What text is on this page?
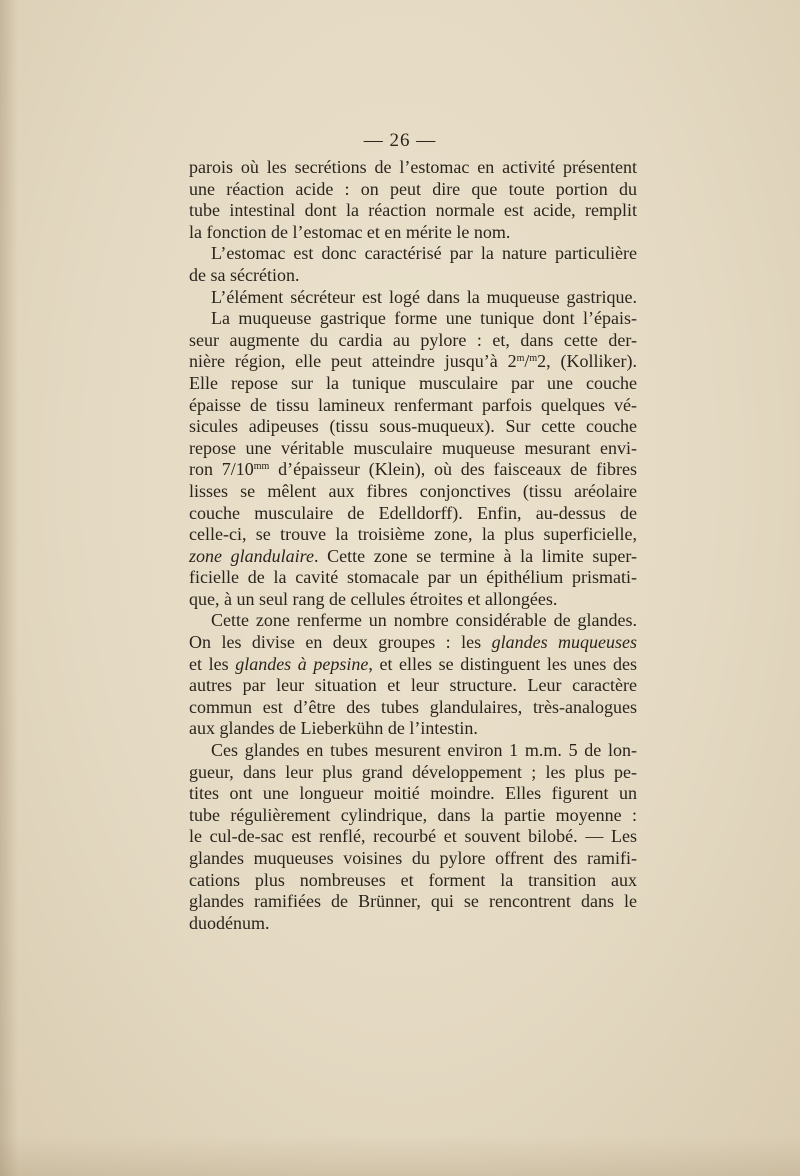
— 26 —
parois où les secrétions de l’estomac en activité présentent
une réaction acide : on peut dire que toute portion du
tube intestinal dont la réaction normale est acide, remplit
la fonction de l’estomac et en mérite le nom.
L’estomac est donc caractérisé par la nature particulière
de sa sécrétion.
L’élément sécréteur est logé dans la muqueuse gastrique.
La muqueuse gastrique forme une tunique dont l’épais-
seur augmente du cardia au pylore : et, dans cette der-
nière région, elle peut atteindre jusqu’à 2$^m$/$^m$2, (Kolliker).
Elle repose sur la tunique musculaire par une couche
épaisse de tissu lamineux renfermant parfois quelques vé-
sicules adipeuses (tissu sous-muqueux). Sur cette couche
repose une véritable musculaire muqueuse mesurant envi-
ron $7/10^{mm}$ d’épaisseur (Klein), où des faisceaux de fibres
lisses se mêlent aux fibres conjonctives (tissu aréolaire
couche musculaire de Edelldorff). Enfin, au-dessus de
celle-ci, se trouve la troisième zone, la plus superficielle,
zone glandulaire. Cette zone se termine à la limite super-
ficielle de la cavité stomacale par un épithélium prismati-
que, à un seul rang de cellules étroites et allongées.
Cette zone renferme un nombre considérable de glandes.
On les divise en deux groupes : les glandes muqueuses
et les glandes à pepsine, et elles se distinguent les unes des
autres par leur situation et leur structure. Leur caractère
commun est d’être des tubes glandulaires, très-analogues
aux glandes de Lieberkühn de l’intestin.
Ces glandes en tubes mesurent environ 1 m.m. 5 de lon-
gueur, dans leur plus grand développement ; les plus pe-
tites ont une longueur moitié moindre. Elles figurent un
tube régulièrement cylindrique, dans la partie moyenne :
le cul-de-sac est renflé, recourbé et souvent bilobé. — Les
glandes muqueuses voisines du pylore offrent des ramifi-
cations plus nombreuses et forment la transition aux
glandes ramifiées de Brünner, qui se rencontrent dans le
duodénum.
